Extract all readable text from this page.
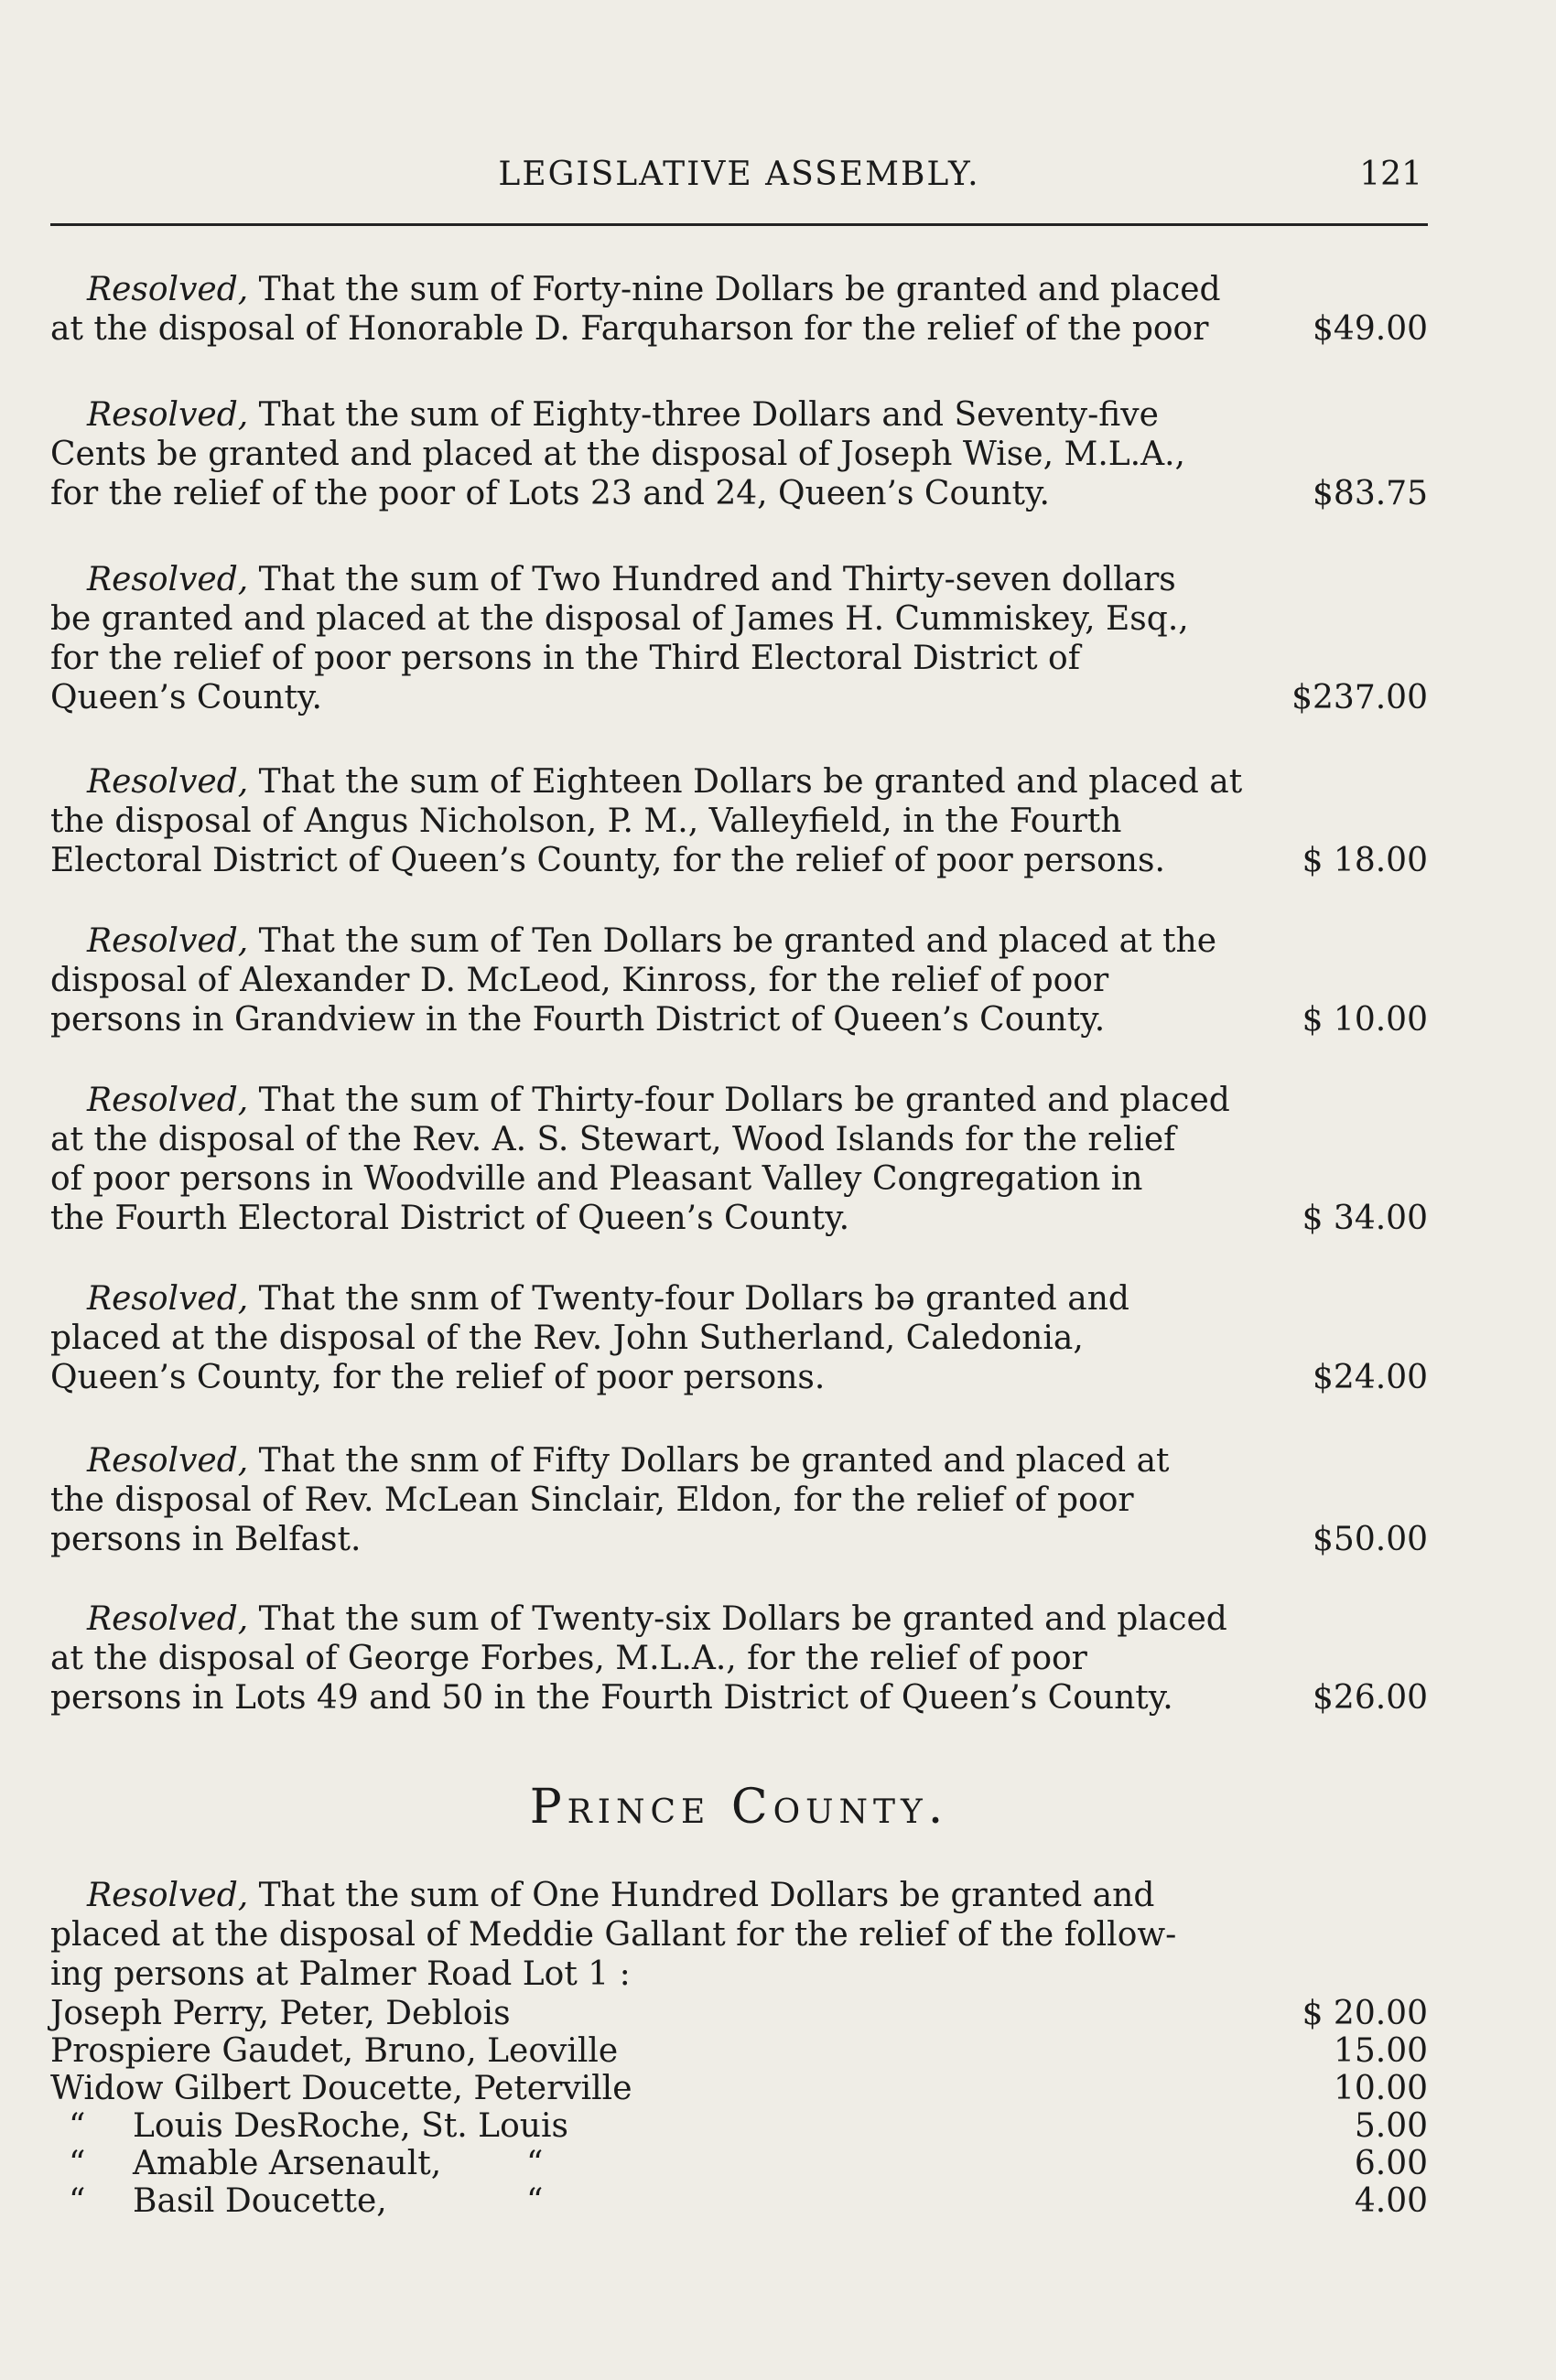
LEGISLATIVE ASSEMBLY.	121
Resolved, That the sum of Forty-nine Dollars be granted and placed
at the disposal of Honorable D. Farquharson for the relief of the poor	$49.00
Resolved, That the sum of Eighty-three Dollars and Seventy-five
Cents be granted and placed at the disposal of Joseph Wise, M.L.A.,
for the relief of the poor of Lots 23 and 24, Queen’s County.	$83.75
Resolved, That the sum of Two Hundred and Thirty-seven dollars
be granted and placed at the disposal of James H. Cummiskey, Esq.,
for the relief of poor persons in the Third Electoral District of
Queen’s County.	$237.00
Resolved, That the sum of Eighteen Dollars be granted and placed at
the disposal of Angus Nicholson, P. M., Valleyfield, in the Fourth
Electoral District of Queen’s County, for the relief of poor persons.	$ 18.00
Resolved, That the sum of Ten Dollars be granted and placed at the
disposal of Alexander D. McLeod, Kinross, for the relief of poor
persons in Grandview in the Fourth District of Queen’s County.	$ 10.00
Resolved, That the sum of Thirty-four Dollars be granted and placed
at the disposal of the Rev. A. S. Stewart, Wood Islands for the relief
of poor persons in Woodville and Pleasant Valley Congregation in
the Fourth Electoral District of Queen’s County.	$ 34.00
Resolved, That the snm of Twenty-four Dollars bə granted and
placed at the disposal of the Rev. John Sutherland, Caledonia,
Queen’s County, for the relief of poor persons.	$24.00
Resolved, That the snm of Fifty Dollars be granted and placed at
the disposal of Rev. McLean Sinclair, Eldon, for the relief of poor
persons in Belfast.	$50.00
Resolved, That the sum of Twenty-six Dollars be granted and placed
at the disposal of George Forbes, M.L.A., for the relief of poor
persons in Lots 49 and 50 in the Fourth District of Queen’s County.	$26.00
Prince County.
Resolved, That the sum of One Hundred Dollars be granted and
placed at the disposal of Meddie Gallant for the relief of the follow-
ing persons at Palmer Road Lot 1 :
Joseph Perry, Peter, Deblois	$ 20.00
Prospiere Gaudet, Bruno, Leoville	15.00
Widow Gilbert Doucette, Peterville	10.00
“	Louis DesRoche, St. Louis	5.00
“	Amable Arsenault,	“	6.00
“	Basil Doucette,	“	4.00
